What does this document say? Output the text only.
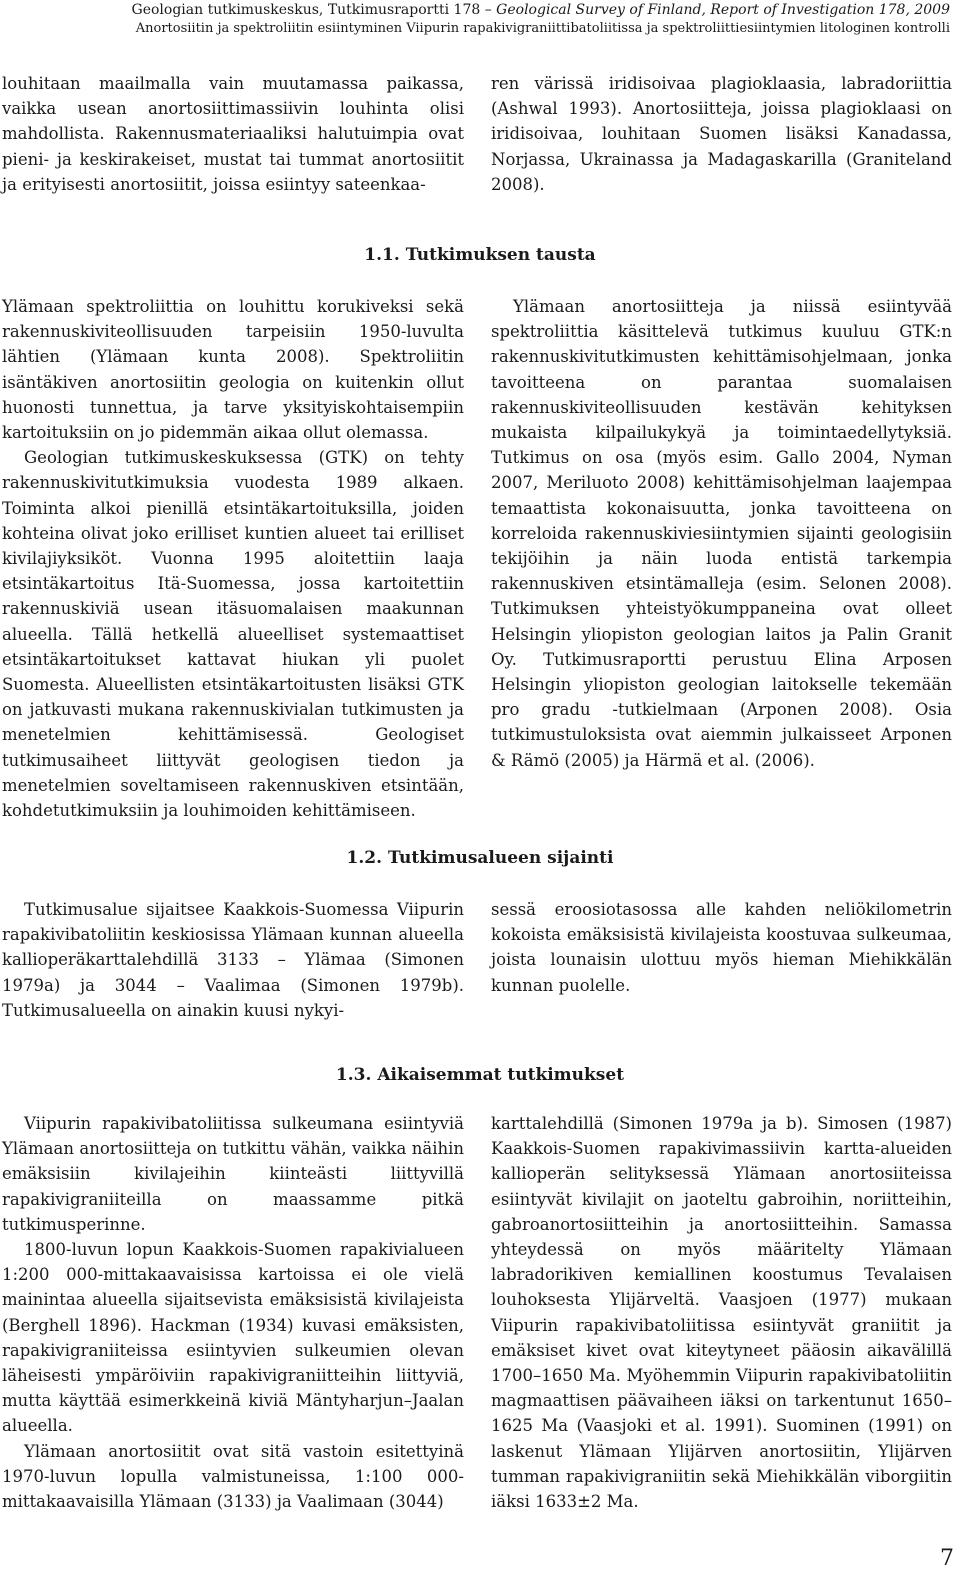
Geologian tutkimuskeskus, Tutkimusraportti 178 – Geological Survey of Finland, Report of Investigation 178, 2009
Anortosiitin ja spektroliitin esiintyminen Viipurin rapakivigraniittibatoliitissa ja spektroliittiesiintymien litologinen kontrolli

louhitaan maailmalla vain muutamassa paikassa, vaikka usean anortosiittimassiivin louhinta olisi mahdollista. Rakennusmateriaaliksi halutuimpia ovat pieni- ja keskirakeiset, mustat tai tummat anortosiitit ja erityisesti anortosiitit, joissa esiintyy sateenkaa-

ren värissä iridisoivaa plagioklaasia, labradoriittia (Ashwal 1993). Anortosiitteja, joissa plagioklaasi on iridisoivaa, louhitaan Suomen lisäksi Kanadassa, Norjassa, Ukrainassa ja Madagaskarilla (Graniteland 2008).

1.1. Tutkimuksen tausta

Ylämaan spektroliittia on louhittu korukiveksi sekä rakennuskiviteollisuuden tarpeisiin 1950-luvulta lähtien (Ylämaan kunta 2008). Spektroliitin isäntäkiven anortosiitin geologia on kuitenkin ollut huonosti tunnettua, ja tarve yksityiskohtaisempiin kartoituksiin on jo pidemmän aikaa ollut olemassa.

Geologian tutkimuskeskuksessa (GTK) on tehty rakennuskivitutkimuksia vuodesta 1989 alkaen. Toiminta alkoi pienillä etsintäkartoituksilla, joiden kohteina olivat joko erilliset kuntien alueet tai erilliset kivilajiyksiköt. Vuonna 1995 aloitettiin laaja etsintäkartoitus Itä-Suomessa, jossa kartoitettiin rakennuskiviä usean itäsuomalaisen maakunnan alueella. Tällä hetkellä alueelliset systemaattiset etsintäkartoitukset kattavat hiukan yli puolet Suomesta. Alueellisten etsintäkartoitusten lisäksi GTK on jatkuvasti mukana rakennuskivialan tutkimusten ja menetelmien kehittämisessä. Geologiset tutkimusaiheet liittyvät geologisen tiedon ja menetelmien soveltamiseen rakennuskiven etsintään, kohdetutkimuksiin ja louhimoiden kehittämiseen.

Ylämaan anortosiitteja ja niissä esiintyvää spektroliittia käsittelevä tutkimus kuuluu GTK:n rakennuskivitutkimusten kehittämisohjelmaan, jonka tavoitteena on parantaa suomalaisen rakennuskiviteollisuuden kestävän kehityksen mukaista kilpailukykyä ja toimintaedellytyksiä. Tutkimus on osa (myös esim. Gallo 2004, Nyman 2007, Meriluoto 2008) kehittämisohjelman laajempaa temaattista kokonaisuutta, jonka tavoitteena on korreloida rakennuskiviesiintymien sijainti geologisiin tekijöihin ja näin luoda entistä tarkempia rakennuskiven etsintämalleja (esim. Selonen 2008). Tutkimuksen yhteistyökumppaneina ovat olleet Helsingin yliopiston geologian laitos ja Palin Granit Oy. Tutkimusraportti perustuu Elina Arposen Helsingin yliopiston geologian laitokselle tekemään pro gradu -tutkielmaan (Arponen 2008). Osia tutkimustuloksista ovat aiemmin julkaisseet Arponen & Rämö (2005) ja Härmä et al. (2006).

1.2. Tutkimusalueen sijainti

Tutkimusalue sijaitsee Kaakkois-Suomessa Viipurin rapakivibatoliitin keskiosissa Ylämaan kunnan alueella kallioperäkarttalehdillä 3133 – Ylämaa (Simonen 1979a) ja 3044 – Vaalimaa (Simonen 1979b). Tutkimusalueella on ainakin kuusi nykyi-

sessä eroosiotasossa alle kahden neliökilometrin kokoista emäksisistä kivilajeista koostuvaa sulkeumaa, joista lounaisin ulottuu myös hieman Miehikkälän kunnan puolelle.

1.3. Aikaisemmat tutkimukset

Viipurin rapakivibatoliitissa sulkeumana esiintyviä Ylämaan anortosiitteja on tutkittu vähän, vaikka näihin emäksisiin kivilajeihin kiinteästi liittyvillä rapakivigraniiteilla on maassamme pitkä tutkimusperinne.

1800-luvun lopun Kaakkois-Suomen rapakivialueen 1:200 000-mittakaavaisissa kartoissa ei ole vielä mainintaa alueella sijaitsevista emäksisistä kivilajeista (Berghell 1896). Hackman (1934) kuvasi emäksisten, rapakivigraniiteissa esiintyvien sulkeumien olevan läheisesti ympäröiviin rapakivigraniitteihin liittyviä, mutta käyttää esimerkkeinä kiviä Mäntyharjun–Jaalan alueella.

Ylämaan anortosiitit ovat sitä vastoin esitettyinä 1970-luvun lopulla valmistuneissa, 1:100 000-mittakaavaisilla Ylämaan (3133) ja Vaalimaan (3044)

karttalehdillä (Simonen 1979a ja b). Simosen (1987) Kaakkois-Suomen rapakivimassiivin kartta-alueiden kallioperän selityksessä Ylämaan anortosiiteissa esiintyvät kivilajit on jaoteltu gabroihin, noriitteihin, gabroanortosiitteihin ja anortosiitteihin. Samassa yhteydessä on myös määritelty Ylämaan labradorikiven kemiallinen koostumus Tevalaisen louhoksesta Ylijärveltä. Vaasjoen (1977) mukaan Viipurin rapakivibatoliitissa esiintyvät graniitit ja emäksiset kivet ovat kiteytyneet pääosin aikavälillä 1700–1650 Ma. Myöhemmin Viipurin rapakivibatoliitin magmaattisen päävaiheen iäksi on tarkentunut 1650–1625 Ma (Vaasjoki et al. 1991). Suominen (1991) on laskenut Ylämaan Ylijärven anortosiitin, Ylijärven tumman rapakivigraniitin sekä Miehikkälän viborgiitin iäksi 1633±2 Ma.

7
